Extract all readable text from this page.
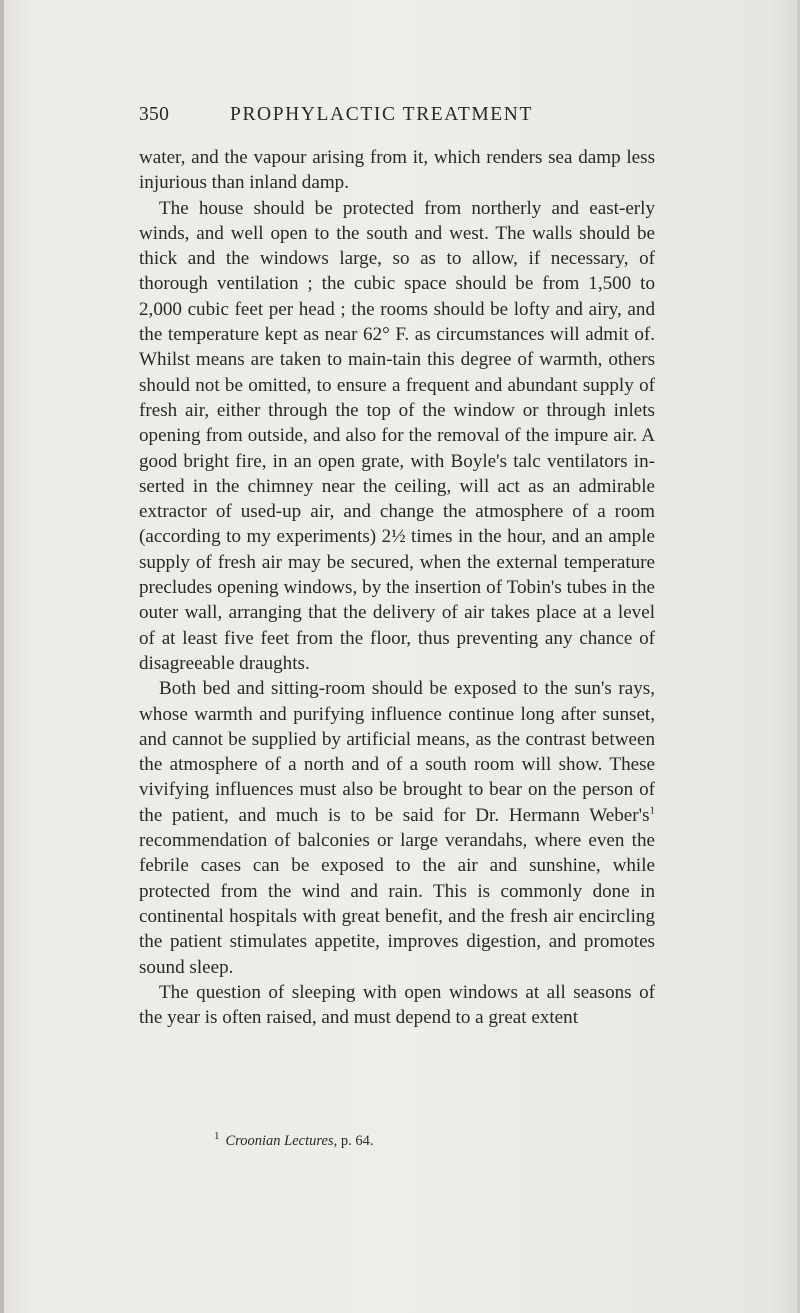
350	PROPHYLACTIC TREATMENT

water, and the vapour arising from it, which renders sea damp less injurious than inland damp.

The house should be protected from northerly and east-erly winds, and well open to the south and west. The walls should be thick and the windows large, so as to allow, if necessary, of thorough ventilation ; the cubic space should be from 1,500 to 2,000 cubic feet per head ; the rooms should be lofty and airy, and the temperature kept as near 62° F. as circumstances will admit of. Whilst means are taken to main-tain this degree of warmth, others should not be omitted, to ensure a frequent and abundant supply of fresh air, either through the top of the window or through inlets opening from outside, and also for the removal of the impure air. A good bright fire, in an open grate, with Boyle's talc ventilators in-serted in the chimney near the ceiling, will act as an admirable extractor of used-up air, and change the atmosphere of a room (according to my experiments) 2½ times in the hour, and an ample supply of fresh air may be secured, when the external temperature precludes opening windows, by the insertion of Tobin's tubes in the outer wall, arranging that the delivery of air takes place at a level of at least five feet from the floor, thus preventing any chance of disagreeable draughts.

Both bed and sitting-room should be exposed to the sun's rays, whose warmth and purifying influence continue long after sunset, and cannot be supplied by artificial means, as the contrast between the atmosphere of a north and of a south room will show. These vivifying influences must also be brought to bear on the person of the patient, and much is to be said for Dr. Hermann $Weber's^1$ recommendation of balconies or large verandahs, where even the febrile cases can be exposed to the air and sunshine, while protected from the wind and rain. This is commonly done in continental hospitals with great benefit, and the fresh air encircling the patient stimulates appetite, improves digestion, and promotes sound sleep.

The question of sleeping with open windows at all seasons of the year is often raised, and must depend to a great extent

$^1$ Croonian Lectures, p. 64.
